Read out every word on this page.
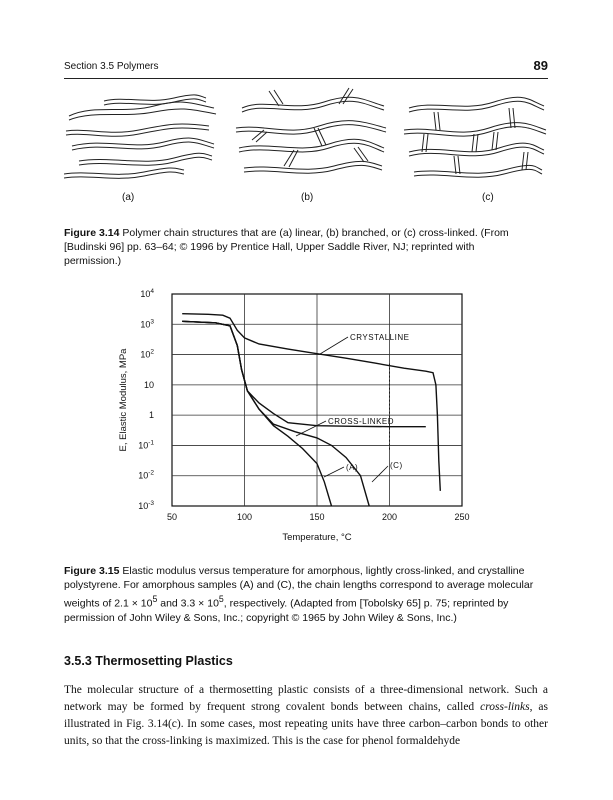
Section 3.5 Polymers	89
(a)	(b)	(c)
Figure 3.14 Polymer chain structures that are (a) linear, (b) branched, or (c) cross-linked. (From [Budinski 96] pp. 63–64; © 1996 by Prentice Hall, Upper Saddle River, NJ; reprinted with permission.)
50	100	150	200	250
$10^4$
$10^3$
$10^2$
10
1
$10^{-1}$
$10^{-2}$
$10^{-3}$
Temperature, °C
E, Elastic Modulus, MPa
CRYSTALLINE
CROSS-LINKED
(A)	(C)
Figure 3.15 Elastic modulus versus temperature for amorphous, lightly cross-linked, and crystalline polystyrene. For amorphous samples (A) and (C), the chain lengths correspond to average molecular weights of $2.1 \times 10^5$ and $3.3 \times 10^5$, respectively. (Adapted from [Tobolsky 65] p. 75; reprinted by permission of John Wiley & Sons, Inc.; copyright © 1965 by John Wiley & Sons, Inc.)
3.5.3 Thermosetting Plastics
The molecular structure of a thermosetting plastic consists of a three-dimensional network. Such a network may be formed by frequent strong covalent bonds between chains, called cross-links, as illustrated in Fig. 3.14(c). In some cases, most repeating units have three carbon–carbon bonds to other units, so that the cross-linking is maximized. This is the case for phenol formaldehyde
